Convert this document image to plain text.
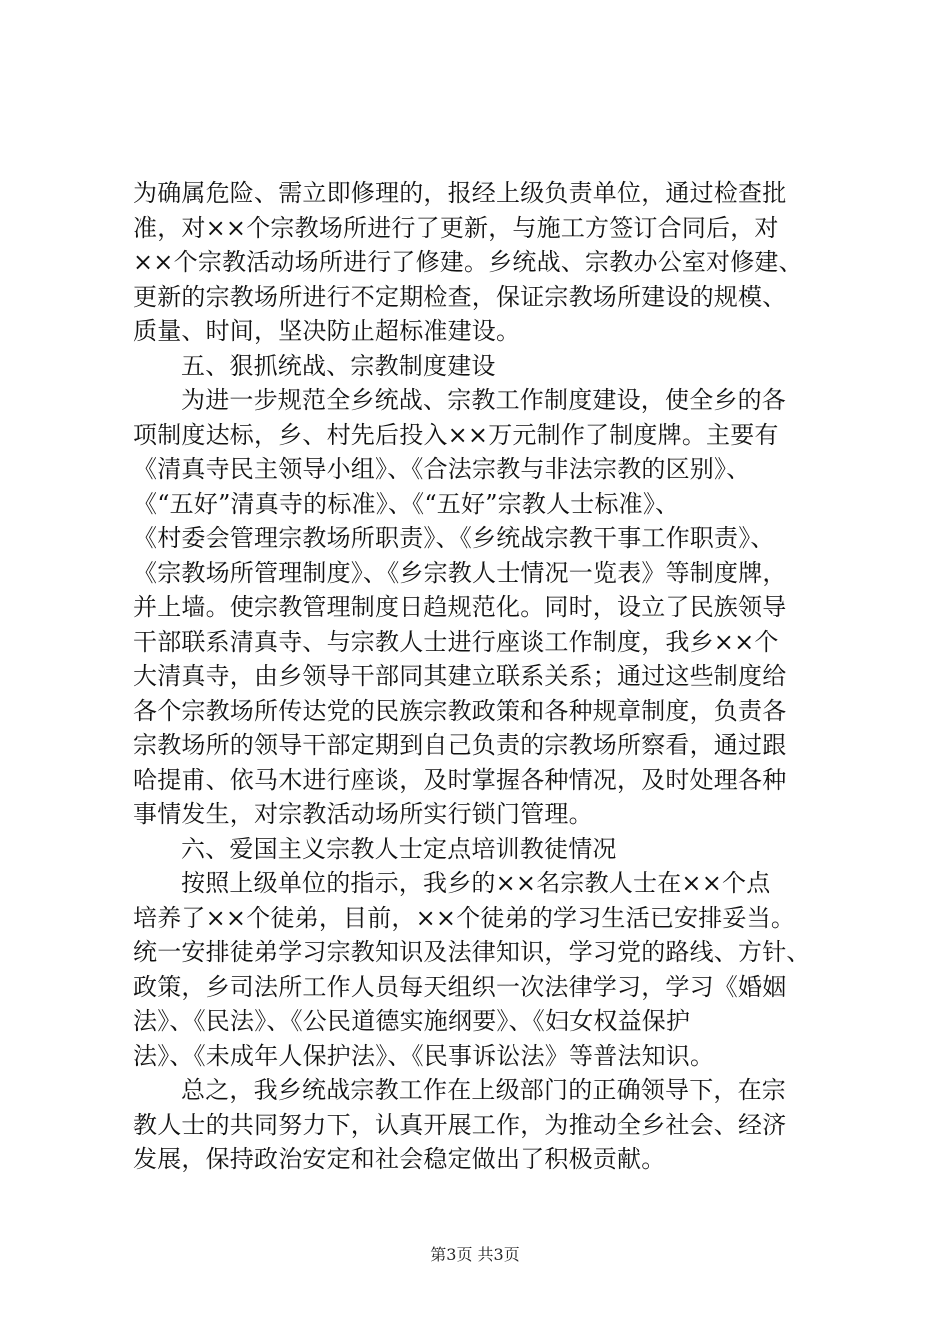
为确属危险、需立即修理的，报经上级负责单位，通过检查批
准，对××个宗教场所进行了更新，与施工方签订合同后，对
××个宗教活动场所进行了修建。乡统战、宗教办公室对修建、
更新的宗教场所进行不定期检查，保证宗教场所建设的规模、
质量、时间，坚决防止超标准建设。
五、狠抓统战、宗教制度建设
为进一步规范全乡统战、宗教工作制度建设，使全乡的各
项制度达标，乡、村先后投入××万元制作了制度牌。主要有
《清真寺民主领导小组》、《合法宗教与非法宗教的区别》、
《“五好”清真寺的标准》、《“五好”宗教人士标准》、
《村委会管理宗教场所职责》、《乡统战宗教干事工作职责》、
《宗教场所管理制度》、《乡宗教人士情况一览表》等制度牌，
并上墙。使宗教管理制度日趋规范化。同时，设立了民族领导
干部联系清真寺、与宗教人士进行座谈工作制度，我乡××个
大清真寺，由乡领导干部同其建立联系关系；通过这些制度给
各个宗教场所传达党的民族宗教政策和各种规章制度，负责各
宗教场所的领导干部定期到自己负责的宗教场所察看，通过跟
哈提甫、依马木进行座谈，及时掌握各种情况，及时处理各种
事情发生，对宗教活动场所实行锁门管理。
六、爱国主义宗教人士定点培训教徒情况
按照上级单位的指示，我乡的××名宗教人士在××个点
培养了××个徒弟，目前，××个徒弟的学习生活已安排妥当。
统一安排徒弟学习宗教知识及法律知识，学习党的路线、方针、
政策，乡司法所工作人员每天组织一次法律学习，学习《婚姻
法》、《民法》、《公民道德实施纲要》、《妇女权益保护
法》、《未成年人保护法》、《民事诉讼法》等普法知识。
总之，我乡统战宗教工作在上级部门的正确领导下，在宗
教人士的共同努力下，认真开展工作，为推动全乡社会、经济
发展，保持政治安定和社会稳定做出了积极贡献。
第3页 共3页
